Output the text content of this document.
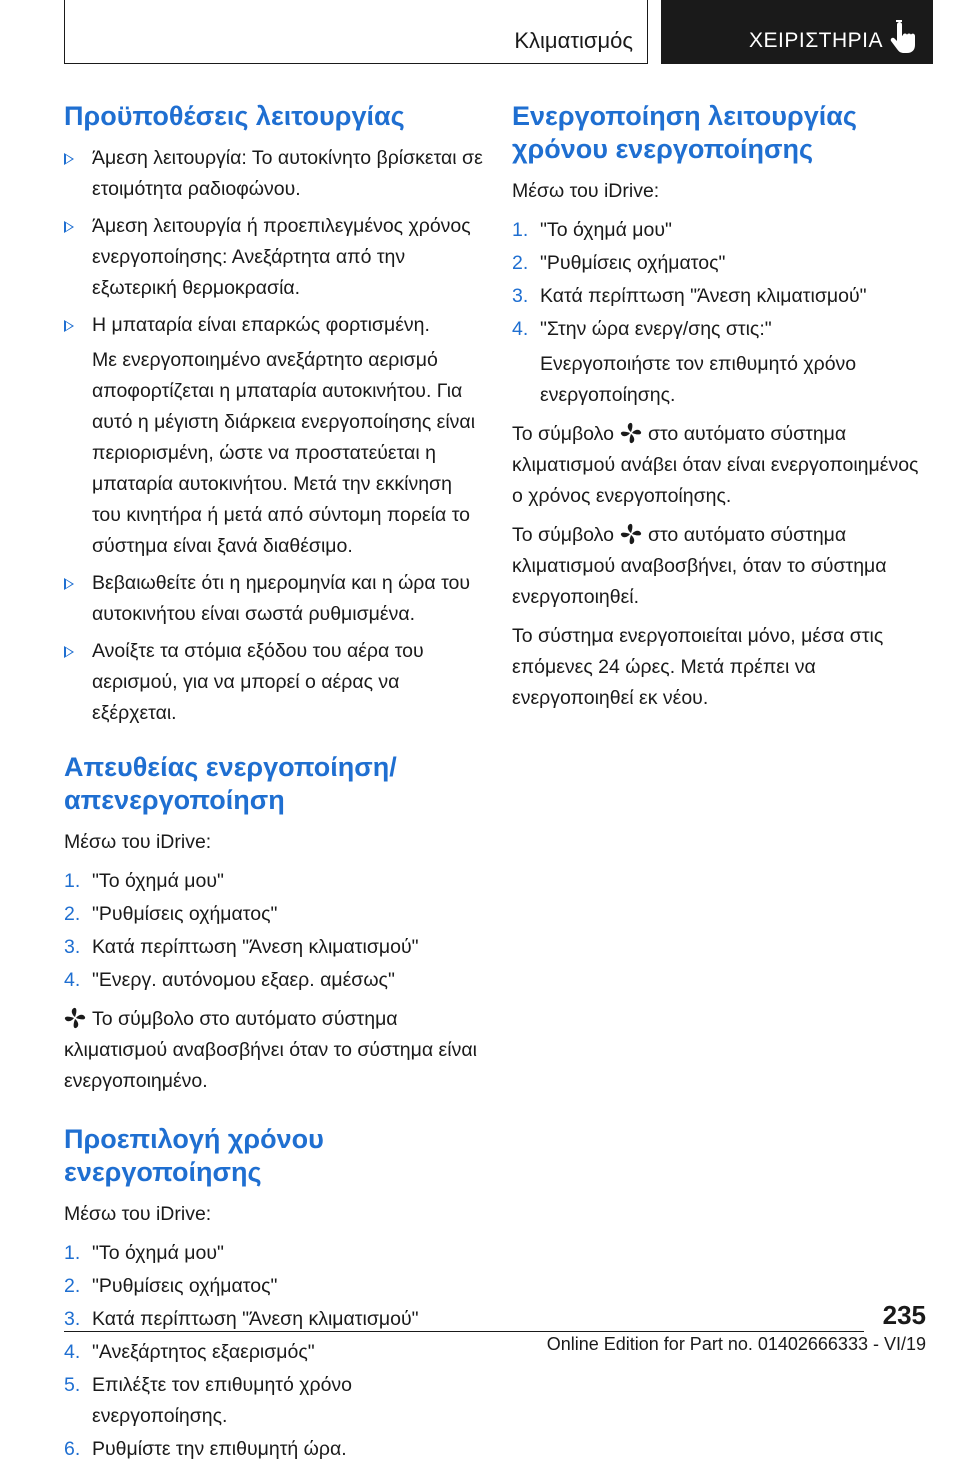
Κλιματισμός	ΧΕΙΡΙΣΤΗΡΙΑ
Προϋποθέσεις λειτουργίας
Άμεση λειτουργία: Το αυτοκίνητο βρίσκεται σε ετοιμότητα ραδιοφώνου.
Άμεση λειτουργία ή προεπιλεγμένος χρόνος ενεργοποίησης: Ανεξάρτητα από την εξωτερική θερμοκρασία.
Η μπαταρία είναι επαρκώς φορτισμένη.

Με ενεργοποιημένο ανεξάρτητο αερισμό αποφορτίζεται η μπαταρία αυτοκινήτου. Για αυτό η μέγιστη διάρκεια ενεργοποίησης είναι περιορισμένη, ώστε να προστατεύεται η μπαταρία αυτοκινήτου. Μετά την εκκίνηση του κινητήρα ή μετά από σύντομη πορεία το σύστημα είναι ξανά διαθέσιμο.

Βεβαιωθείτε ότι η ημερομηνία και η ώρα του αυτοκινήτου είναι σωστά ρυθμισμένα.
Ανοίξτε τα στόμια εξόδου του αέρα του αερισμού, για να μπορεί ο αέρας να εξέρχεται.
Απευθείας ενεργοποίηση/ απενεργοποίηση

Μέσω του iDrive:

1. "Το όχημά μου"
2. "Ρυθμίσεις οχήματος"
3. Κατά περίπτωση "Άνεση κλιματισμού"
4. "Ενεργ. αυτόνομου εξαερ. αμέσως"

Το σύμβολο στο αυτόματο σύστημα κλιματισμού αναβοσβήνει όταν το σύστημα είναι ενεργοποιημένο.

Προεπιλογή χρόνου ενεργοποίησης

Μέσω του iDrive:

1. "Το όχημά μου"
2. "Ρυθμίσεις οχήματος"
3. Κατά περίπτωση "Άνεση κλιματισμού"
4. "Ανεξάρτητος εξαερισμός"
5. Επιλέξτε τον επιθυμητό χρόνο ενεργοποίησης.
6. Ρυθμίστε την επιθυμητή ώρα.
Ενεργοποίηση λειτουργίας χρόνου ενεργοποίησης

Μέσω του iDrive:

1. "Το όχημά μου"
2. "Ρυθμίσεις οχήματος"
3. Κατά περίπτωση "Άνεση κλιματισμού"
4. "Στην ώρα ενεργ/σης στις:"

Ενεργοποιήστε τον επιθυμητό χρόνο ενεργοποίησης.

Το σύμβολο στο αυτόματο σύστημα κλιματισμού ανάβει όταν είναι ενεργοποιημένος ο χρόνος ενεργοποίησης.

Το σύμβολο στο αυτόματο σύστημα κλιματισμού αναβοσβήνει, όταν το σύστημα ενεργοποιηθεί.

Το σύστημα ενεργοποιείται μόνο, μέσα στις επόμενες 24 ώρες. Μετά πρέπει να ενεργοποιηθεί εκ νέου.

235
Online Edition for Part no. 01402666333 - VI/19
